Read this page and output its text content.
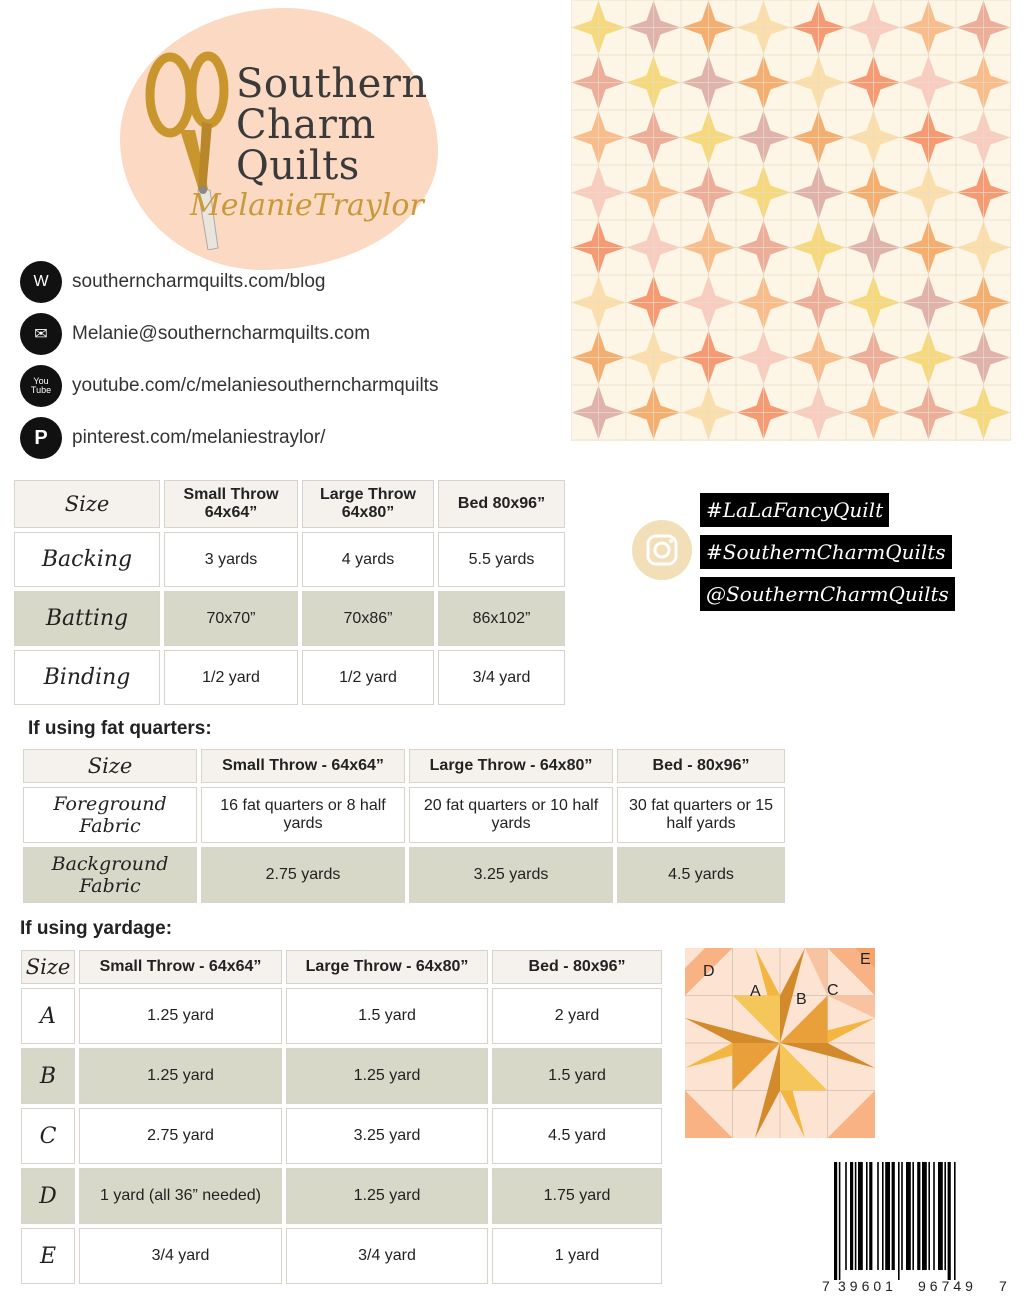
Southern
Charm
Quilts
MelanieTraylor
W	southerncharmquilts.com/blog
✉	Melanie@southerncharmquilts.com
You
Tube	youtube.com/c/melaniesoutherncharmquilts
P	pinterest.com/melaniestraylor/
Size	Small Throw 64x64”	Large Throw 64x80”	Bed 80x96”
Backing	3 yards	4 yards	5.5 yards
Batting	70x70”	70x86”	86x102”
Binding	1/2 yard	1/2 yard	3/4 yard
#LaLaFancyQuilt
#SouthernCharmQuilts
@SouthernCharmQuilts
If using fat quarters:
Size	Small Throw - 64x64”	Large Throw - 64x80”	Bed - 80x96”
Foreground Fabric	16 fat quarters or 8 half yards	20 fat quarters or 10 half yards	30 fat quarters or 15 half yards
Background Fabric	2.75 yards	3.25 yards	4.5 yards
If using yardage:
Size	Small Throw - 64x64”	Large Throw - 64x80”	Bed - 80x96”
A	1.25 yard	1.5 yard	2 yard
B	1.25 yard	1.25 yard	1.5 yard
C	2.75 yard	3.25 yard	4.5 yard
D	1 yard (all 36” needed)	1.25 yard	1.75 yard
E	3/4 yard	3/4 yard	1 yard
D
A B
C
E
7 39601 96749 7
